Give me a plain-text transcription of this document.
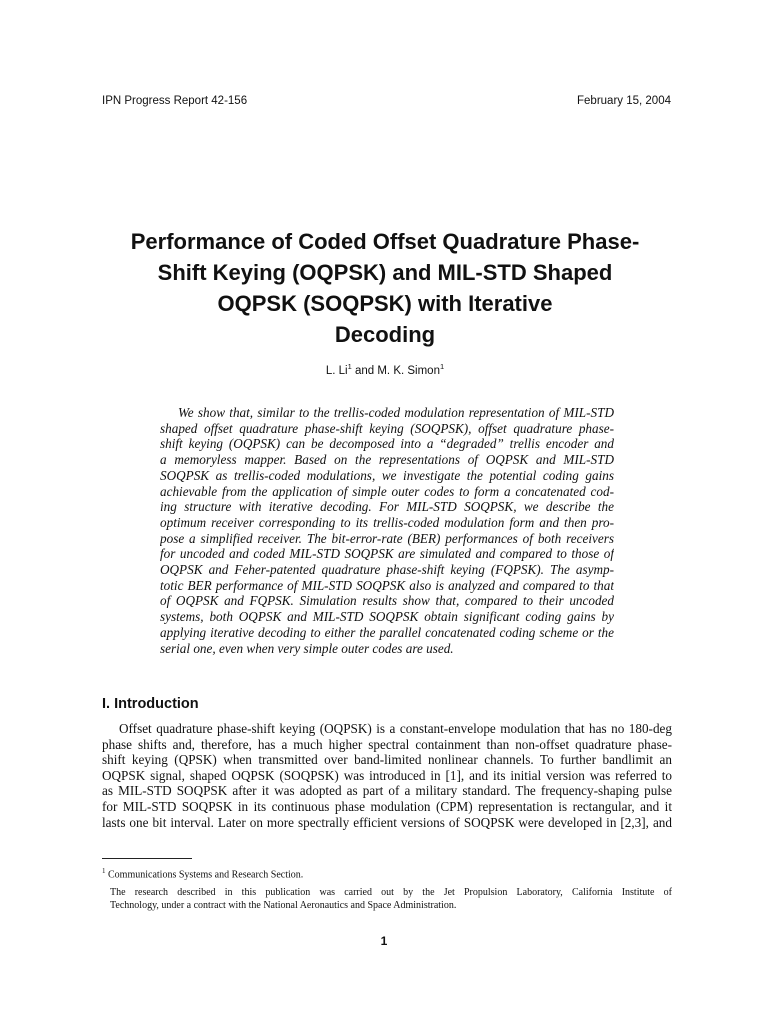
IPN Progress Report 42-156	February 15, 2004
Performance of Coded Offset Quadrature Phase-
Shift Keying (OQPSK) and MIL-STD Shaped
OQPSK (SOQPSK) with Iterative
Decoding
L. Li$^1$ and M. K. Simon$^1$
We show that, similar to the trellis-coded modulation representation of MIL-STD
shaped offset quadrature phase-shift keying (SOQPSK), offset quadrature phase-
shift keying (OQPSK) can be decomposed into a “degraded” trellis encoder and
a memoryless mapper. Based on the representations of OQPSK and MIL-STD
SOQPSK as trellis-coded modulations, we investigate the potential coding gains
achievable from the application of simple outer codes to form a concatenated cod-
ing structure with iterative decoding. For MIL-STD SOQPSK, we describe the
optimum receiver corresponding to its trellis-coded modulation form and then pro-
pose a simplified receiver. The bit-error-rate (BER) performances of both receivers
for uncoded and coded MIL-STD SOQPSK are simulated and compared to those of
OQPSK and Feher-patented quadrature phase-shift keying (FQPSK). The asymp-
totic BER performance of MIL-STD SOQPSK also is analyzed and compared to that
of OQPSK and FQPSK. Simulation results show that, compared to their uncoded
systems, both OQPSK and MIL-STD SOQPSK obtain significant coding gains by
applying iterative decoding to either the parallel concatenated coding scheme or the
serial one, even when very simple outer codes are used.
I. Introduction
Offset quadrature phase-shift keying (OQPSK) is a constant-envelope modulation that has no 180-deg
phase shifts and, therefore, has a much higher spectral containment than non-offset quadrature phase-
shift keying (QPSK) when transmitted over band-limited nonlinear channels. To further bandlimit an
OQPSK signal, shaped OQPSK (SOQPSK) was introduced in [1], and its initial version was referred to
as MIL-STD SOQPSK after it was adopted as part of a military standard. The frequency-shaping pulse
for MIL-STD SOQPSK in its continuous phase modulation (CPM) representation is rectangular, and it
lasts one bit interval. Later on more spectrally efficient versions of SOQPSK were developed in [2,3], and
$^1$ Communications Systems and Research Section.
The research described in this publication was carried out by the Jet Propulsion Laboratory, California Institute of
Technology, under a contract with the National Aeronautics and Space Administration.
1
